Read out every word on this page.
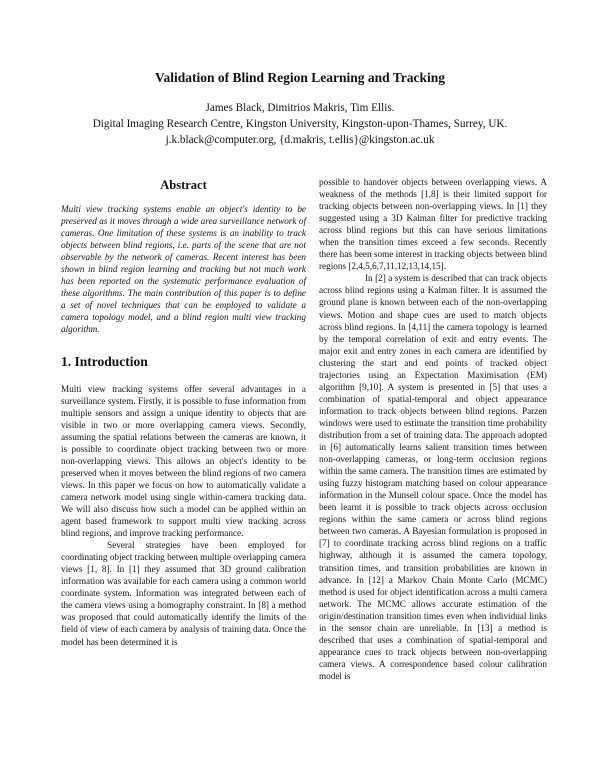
Validation of Blind Region Learning and Tracking
James Black, Dimitrios Makris, Tim Ellis.
Digital Imaging Research Centre, Kingston University, Kingston-upon-Thames, Surrey, UK.
j.k.black@computer.org, {d.makris, t.ellis}@kingston.ac.uk
Abstract

Multi view tracking systems enable an object's identity to be preserved as it moves through a wide area surveillance network of cameras. One limitation of these systems is an inability to track objects between blind regions, i.e. parts of the scene that are not observable by the network of cameras. Recent interest has been shown in blind region learning and tracking but not much work has been reported on the systematic performance evaluation of these algorithms. The main contribution of this paper is to define a set of novel techniques that can be employed to validate a camera topology model, and a blind region multi view tracking algorithm.

1. Introduction

Multi view tracking systems offer several advantages in a surveillance system. Firstly, it is possible to fuse information from multiple sensors and assign a unique identity to objects that are visible in two or more overlapping camera views. Secondly, assuming the spatial relations between the cameras are known, it is possible to coordinate object tracking between two or more non-overlapping views. This allows an object's identity to be preserved when it moves between the blind regions of two camera views. In this paper we focus on how to automatically validate a camera network model using single within-camera tracking data. We will also discuss how such a model can be applied within an agent based framework to support multi view tracking across blind regions, and improve tracking performance.

Several strategies have been employed for coordinating object tracking between multiple overlapping camera views [1, 8]. In [1] they assumed that 3D ground calibration information was available for each camera using a common world coordinate system. Information was integrated between each of the camera views using a homography constraint. In [8] a method was proposed that could automatically identify the limits of the field of view of each camera by analysis of training data. Once the model has been determined it is

possible to handover objects between overlapping views. A weakness of the methods [1,8] is their limited support for tracking objects between non-overlapping views. In [1] they suggested using a 3D Kalman filter for predictive tracking across blind regions but this can have serious limitations when the transition times exceed a few seconds. Recently there has been some interest in tracking objects between blind regions [2,4,5,6,7,11,12,13,14,15].

In [2] a system is described that can track objects across blind regions using a Kalman filter. It is assumed the ground plane is known between each of the non-overlapping views. Motion and shape cues are used to match objects across blind regions. In [4,11] the camera topology is learned by the temporal correlation of exit and entry events. The major exit and entry zones in each camera are identified by clustering the start and end points of tracked object trajectories using an Expectation Maximisation (EM) algorithm [9,10]. A system is presented in [5] that uses a combination of spatial-temporal and object appearance information to track objects between blind regions. Parzen windows were used to estimate the transition time probability distribution from a set of training data. The approach adopted in [6] automatically learns salient transition times between non-overlapping cameras, or long-term occlusion regions within the same camera. The transition times are estimated by using fuzzy histogram matching based on colour appearance information in the Munsell colour space. Once the model has been learnt it is possible to track objects across occlusion regions within the same camera or across blind regions between two cameras. A Bayesian formulation is proposed in [7] to coordinate tracking across blind regions on a traffic highway, although it is assumed the camera topology, transition times, and transition probabilities are known in advance. In [12] a Markov Chain Monte Carlo (MCMC) method is used for object identification across a multi camera network. The MCMC allows accurate estimation of the origin/destination transition times even when individual links in the sensor chain are unreliable. In [13] a method is described that uses a combination of spatial-temporal and appearance cues to track objects between non-overlapping camera views. A correspondence based colour calibration model is
